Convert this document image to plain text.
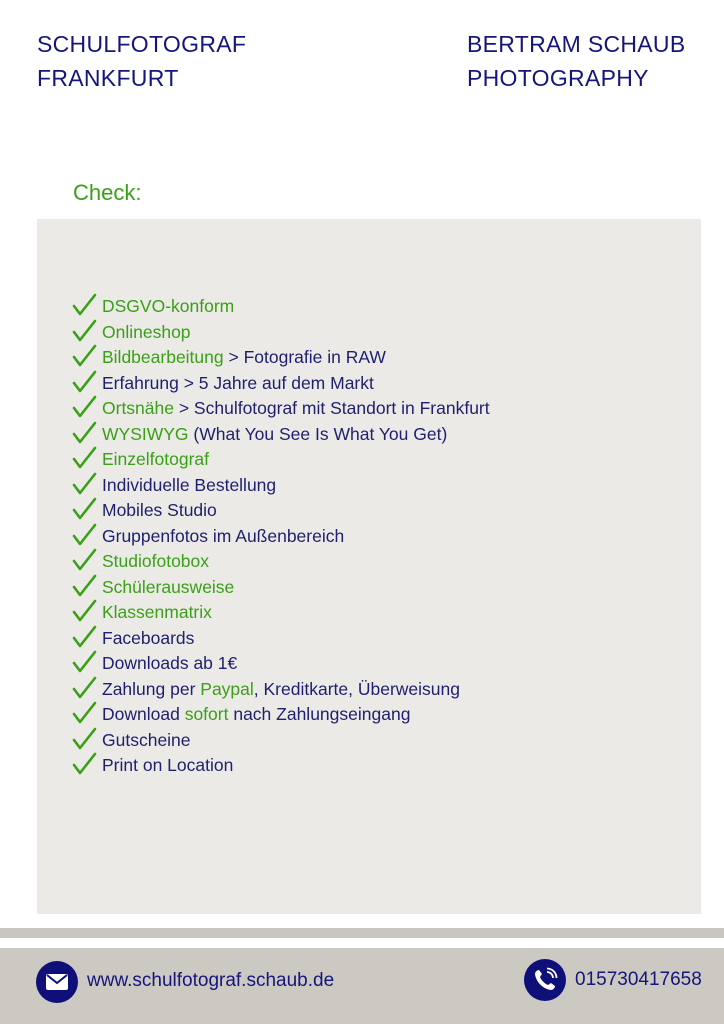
SCHULFOTOGRAF
FRANKFURT
BERTRAM SCHAUB
PHOTOGRAPHY
Check:
DSGVO-konform
Onlineshop
Bildbearbeitung > Fotografie in RAW
Erfahrung > 5 Jahre auf dem Markt
Ortsnähe > Schulfotograf mit Standort in Frankfurt
WYSIWYG (What You See Is What You Get)
Einzelfotograf
Individuelle Bestellung
Mobiles Studio
Gruppenfotos im Außenbereich
Studiofotobox
Schülerausweise
Klassenmatrix
Faceboards
Downloads ab 1€
Zahlung per Paypal, Kreditkarte, Überweisung
Download sofort nach Zahlungseingang
Gutscheine
Print on Location
www.schulfotograf.schaub.de	015730417658
